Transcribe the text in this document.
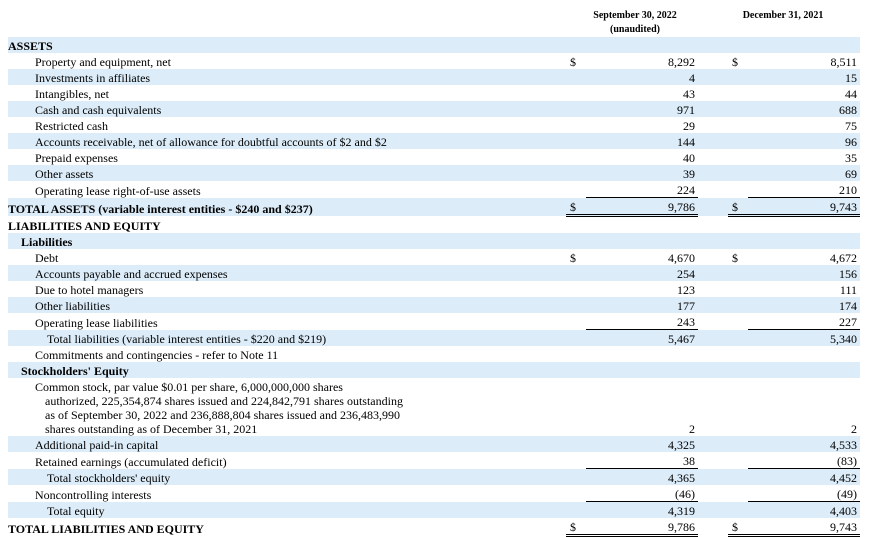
September 30, 2022
(unaudited)
December 31, 2021
ASSETS					
Property and equipment, net	$	8,292		$	8,511
Investments in affiliates		4			15
Intangibles, net		43			44
Cash and cash equivalents		971			688
Restricted cash		29			75
Accounts receivable, net of allowance for doubtful accounts of $2 and $2		144			96
Prepaid expenses		40			35
Other assets		39			69
Operating lease right-of-use assets		224			210
TOTAL ASSETS (variable interest entities - $240 and $237)	$	9,786		$	9,743
LIABILITIES AND EQUITY					
Liabilities					
Debt	$	4,670		$	4,672
Accounts payable and accrued expenses		254			156
Due to hotel managers		123			111
Other liabilities		177			174
Operating lease liabilities		243			227
Total liabilities (variable interest entities - $220 and $219)		5,467			5,340
Commitments and contingencies - refer to Note 11					
Stockholders' Equity					

Common stock, par value $0.01 per share, 6,000,000,000 shares
authorized, 225,354,874 shares issued and 224,842,791 shares outstanding
as of September 30, 2022 and 236,888,804 shares issued and 236,483,990
shares outstanding as of December 31, 2021		2			2
Additional paid-in capital		4,325			4,533
Retained earnings (accumulated deficit)		38			(83)
Total stockholders' equity		4,365			4,452
Noncontrolling interests		(46)			(49)
Total equity		4,319			4,403
TOTAL LIABILITIES AND EQUITY	$	9,786		$	9,743
